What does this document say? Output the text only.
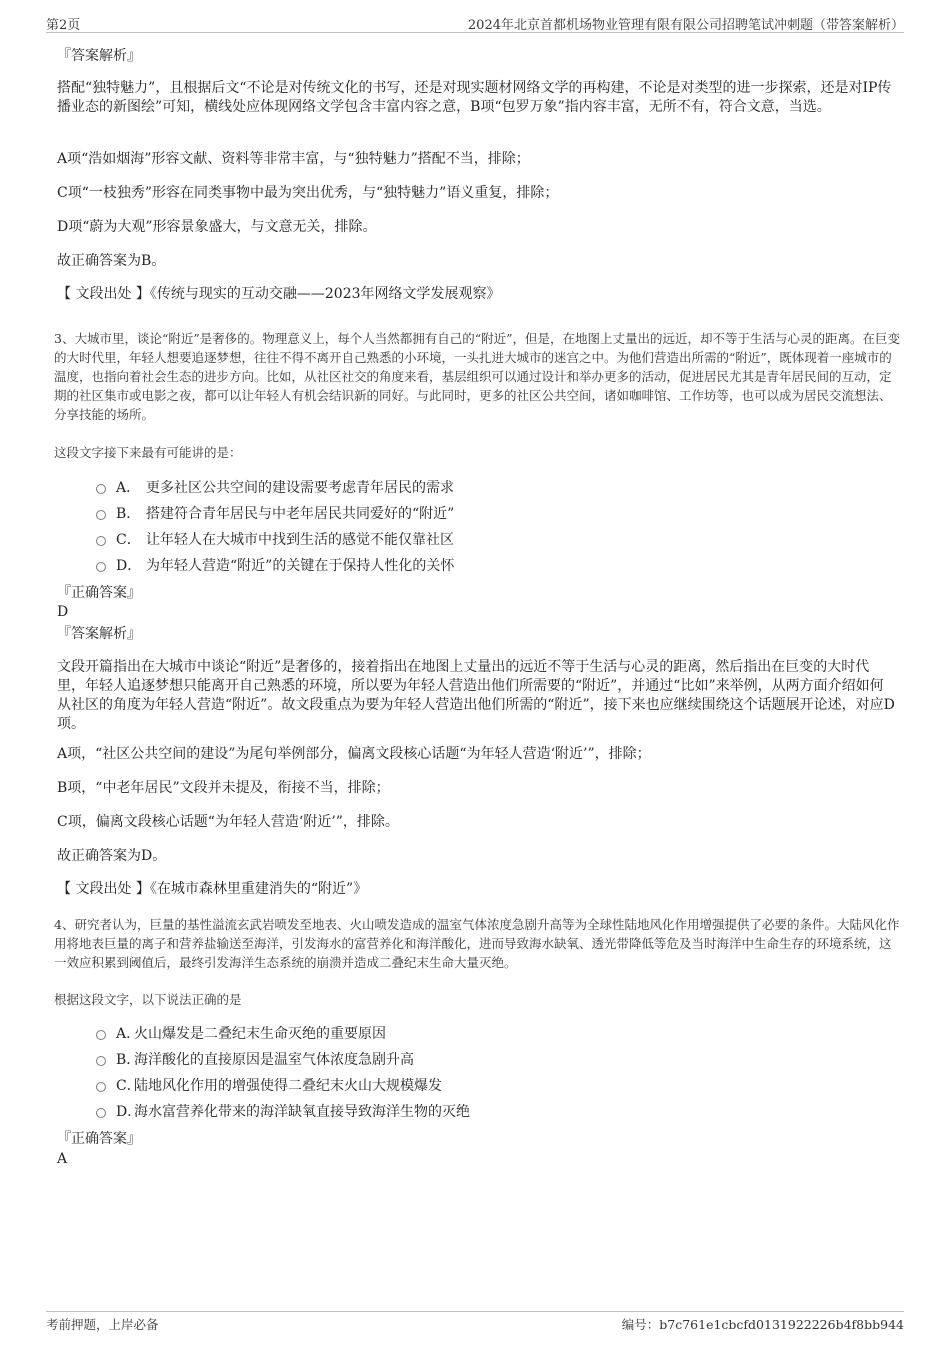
第2页	2024年北京首都机场物业管理有限有限公司招聘笔试冲刺题（带答案解析）
『答案解析』
搭配“独特魅力”，且根据后文“不论是对传统文化的书写，还是对现实题材网络文学的再构建，不论是对类型的进一步探索，还是对IP传播业态的新图绘”可知，横线处应体现网络文学包含丰富内容之意，B项“包罗万象”指内容丰富，无所不有，符合文意，当选。
A项“浩如烟海”形容文献、资料等非常丰富，与“独特魅力”搭配不当，排除；
C项“一枝独秀”形容在同类事物中最为突出优秀，与“独特魅力”语义重复，排除；
D项“蔚为大观”形容景象盛大，与文意无关，排除。
故正确答案为B。
【 文段出处 】《传统与现实的互动交融——2023年网络文学发展观察》
3、大城市里，谈论“附近”是奢侈的。物理意义上，每个人当然都拥有自己的“附近”，但是，在地图上丈量出的远近，却不等于生活与心灵的距离。在巨变的大时代里，年轻人想要追逐梦想，往往不得不离开自己熟悉的小环境，一头扎进大城市的迷宫之中。为他们营造出所需的“附近”，既体现着一座城市的温度，也指向着社会生态的进步方向。比如，从社区社交的角度来看，基层组织可以通过设计和举办更多的活动，促进居民尤其是青年居民间的互动，定期的社区集市或电影之夜，都可以让年轻人有机会结识新的同好。与此同时，更多的社区公共空间，诸如咖啡馆、工作坊等，也可以成为居民交流想法、分享技能的场所。
这段文字接下来最有可能讲的是：
A． 更多社区公共空间的建设需要考虑青年居民的需求
B． 搭建符合青年居民与中老年居民共同爱好的“附近”
C． 让年轻人在大城市中找到生活的感觉不能仅靠社区
D． 为年轻人营造“附近”的关键在于保持人性化的关怀
『正确答案』
D
『答案解析』
文段开篇指出在大城市中谈论“附近”是奢侈的，接着指出在地图上丈量出的远近不等于生活与心灵的距离，然后指出在巨变的大时代里，年轻人追逐梦想只能离开自己熟悉的环境，所以要为年轻人营造出他们所需要的“附近”，并通过“比如”来举例，从两方面介绍如何从社区的角度为年轻人营造“附近”。故文段重点为要为年轻人营造出他们所需的“附近”，接下来也应继续围绕这个话题展开论述，对应D项。
A项，“社区公共空间的建设”为尾句举例部分，偏离文段核心话题“为年轻人营造‘附近’”，排除；
B项，“中老年居民”文段并未提及，衔接不当，排除；
C项，偏离文段核心话题“为年轻人营造‘附近’”，排除。
故正确答案为D。
【 文段出处 】《在城市森林里重建消失的“附近”》
4、研究者认为，巨量的基性溢流玄武岩喷发至地表、火山喷发造成的温室气体浓度急剧升高等为全球性陆地风化作用增强提供了必要的条件。大陆风化作用将地表巨量的离子和营养盐输送至海洋，引发海水的富营养化和海洋酸化，进而导致海水缺氧、透光带降低等危及当时海洋中生命生存的环境系统，这一效应积累到阈值后，最终引发海洋生态系统的崩溃并造成二叠纪末生命大量灭绝。
根据这段文字，以下说法正确的是
A．火山爆发是二叠纪末生命灭绝的重要原因
B．海洋酸化的直接原因是温室气体浓度急剧升高
C．陆地风化作用的增强使得二叠纪末火山大规模爆发
D．海水富营养化带来的海洋缺氧直接导致海洋生物的灭绝
『正确答案』
A
考前押题，上岸必备	编号：b7c761e1cbcfd0131922226b4f8bb944
